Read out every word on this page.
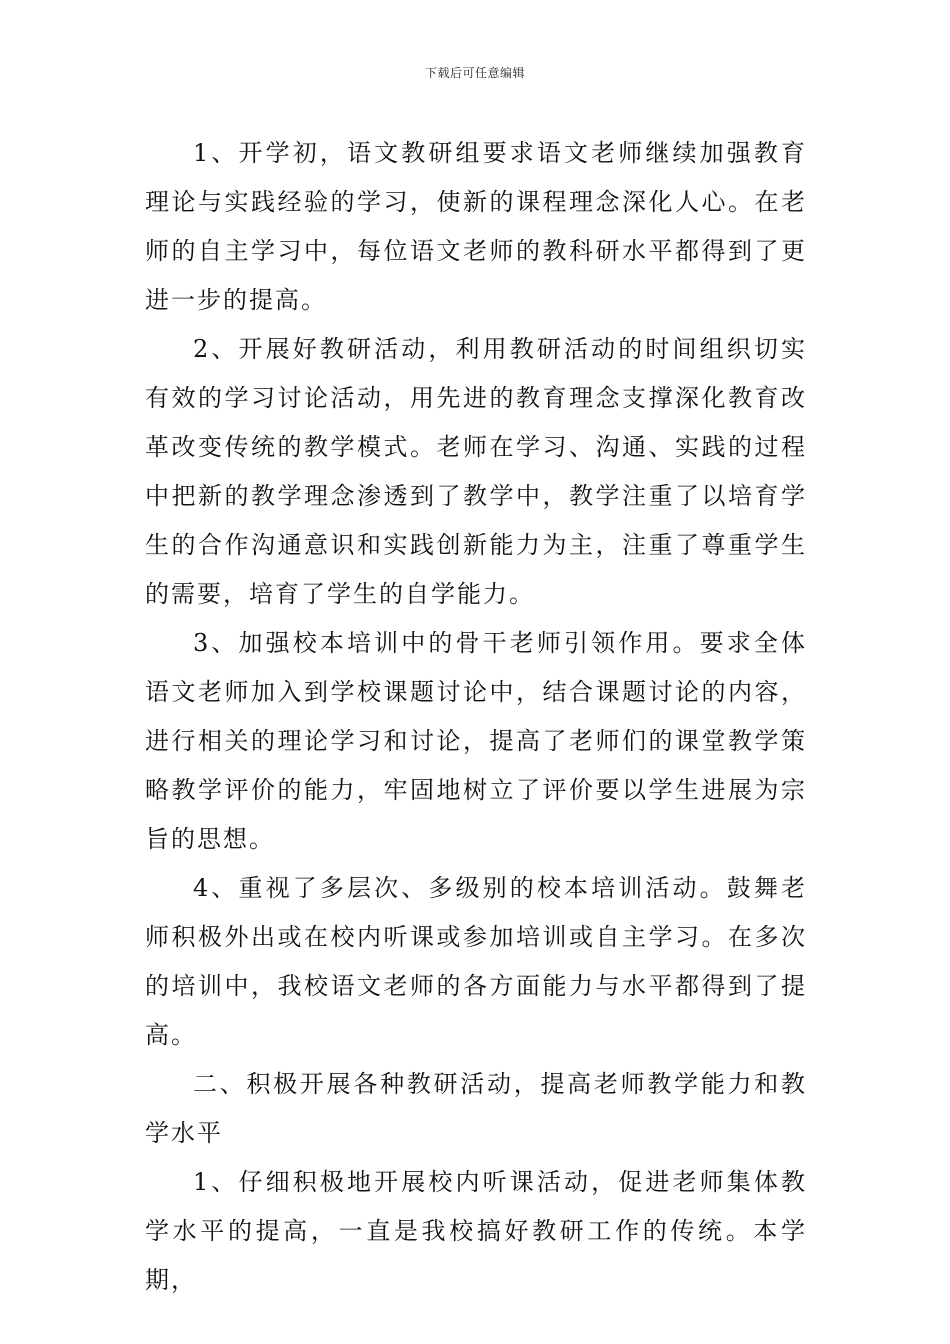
下载后可任意编辑

1、开学初，语文教研组要求语文老师继续加强教育理论与实践经验的学习，使新的课程理念深化人心。在老师的自主学习中，每位语文老师的教科研水平都得到了更进一步的提高。

2、开展好教研活动，利用教研活动的时间组织切实有效的学习讨论活动，用先进的教育理念支撑深化教育改革改变传统的教学模式。老师在学习、沟通、实践的过程中把新的教学理念渗透到了教学中，教学注重了以培育学生的合作沟通意识和实践创新能力为主，注重了尊重学生的需要，培育了学生的自学能力。

3、加强校本培训中的骨干老师引领作用。要求全体语文老师加入到学校课题讨论中，结合课题讨论的内容，进行相关的理论学习和讨论，提高了老师们的课堂教学策略教学评价的能力，牢固地树立了评价要以学生进展为宗旨的思想。

4、重视了多层次、多级别的校本培训活动。鼓舞老师积极外出或在校内听课或参加培训或自主学习。在多次的培训中，我校语文老师的各方面能力与水平都得到了提高。

二、积极开展各种教研活动，提高老师教学能力和教学水平

1、仔细积极地开展校内听课活动，促进老师集体教学水平的提高，一直是我校搞好教研工作的传统。本学期，
